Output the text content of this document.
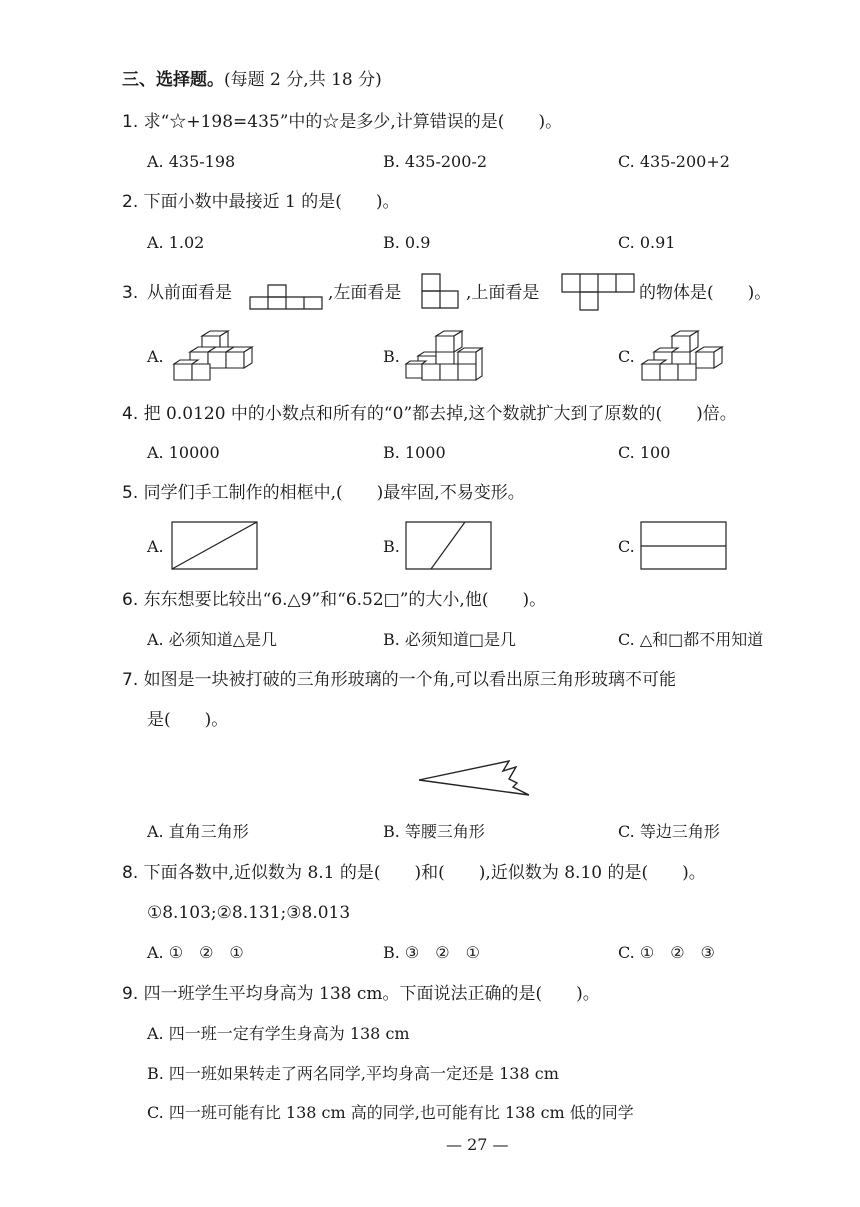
三、选择题。(每题 2 分,共 18 分)
1. 求“☆+198=435”中的☆是多少,计算错误的是(　　)。
A. 435-198	B. 435-200-2	C. 435-200+2
2. 下面小数中最接近 1 的是(　　)。
A. 1.02	B. 0.9	C. 0.91
3. 从前面看是	,左面看是	,上面看是	的物体是(　　)。
A.	B.	C.
4. 把 0.0120 中的小数点和所有的“0”都去掉,这个数就扩大到了原数的(　　)倍。
A. 10000	B. 1000	C. 100
5. 同学们手工制作的相框中,(　　)最牢固,不易变形。
A.	B.	C.
6. 东东想要比较出“6.△9”和“6.52□”的大小,他(　　)。
A. 必须知道△是几	B. 必须知道□是几	C. △和□都不用知道
7. 如图是一块被打破的三角形玻璃的一个角,可以看出原三角形玻璃不可能
是(　　)。
A. 直角三角形	B. 等腰三角形	C. 等边三角形
8. 下面各数中,近似数为 8.1 的是(　　)和(　　),近似数为 8.10 的是(　　)。
①8.103;②8.131;③8.013
A. ①　②　①	B. ③　②　①	C. ①　②　③
9. 四一班学生平均身高为 138 cm。下面说法正确的是(　　)。
A. 四一班一定有学生身高为 138 cm
B. 四一班如果转走了两名同学,平均身高一定还是 138 cm
C. 四一班可能有比 138 cm 高的同学,也可能有比 138 cm 低的同学
— 27 —
